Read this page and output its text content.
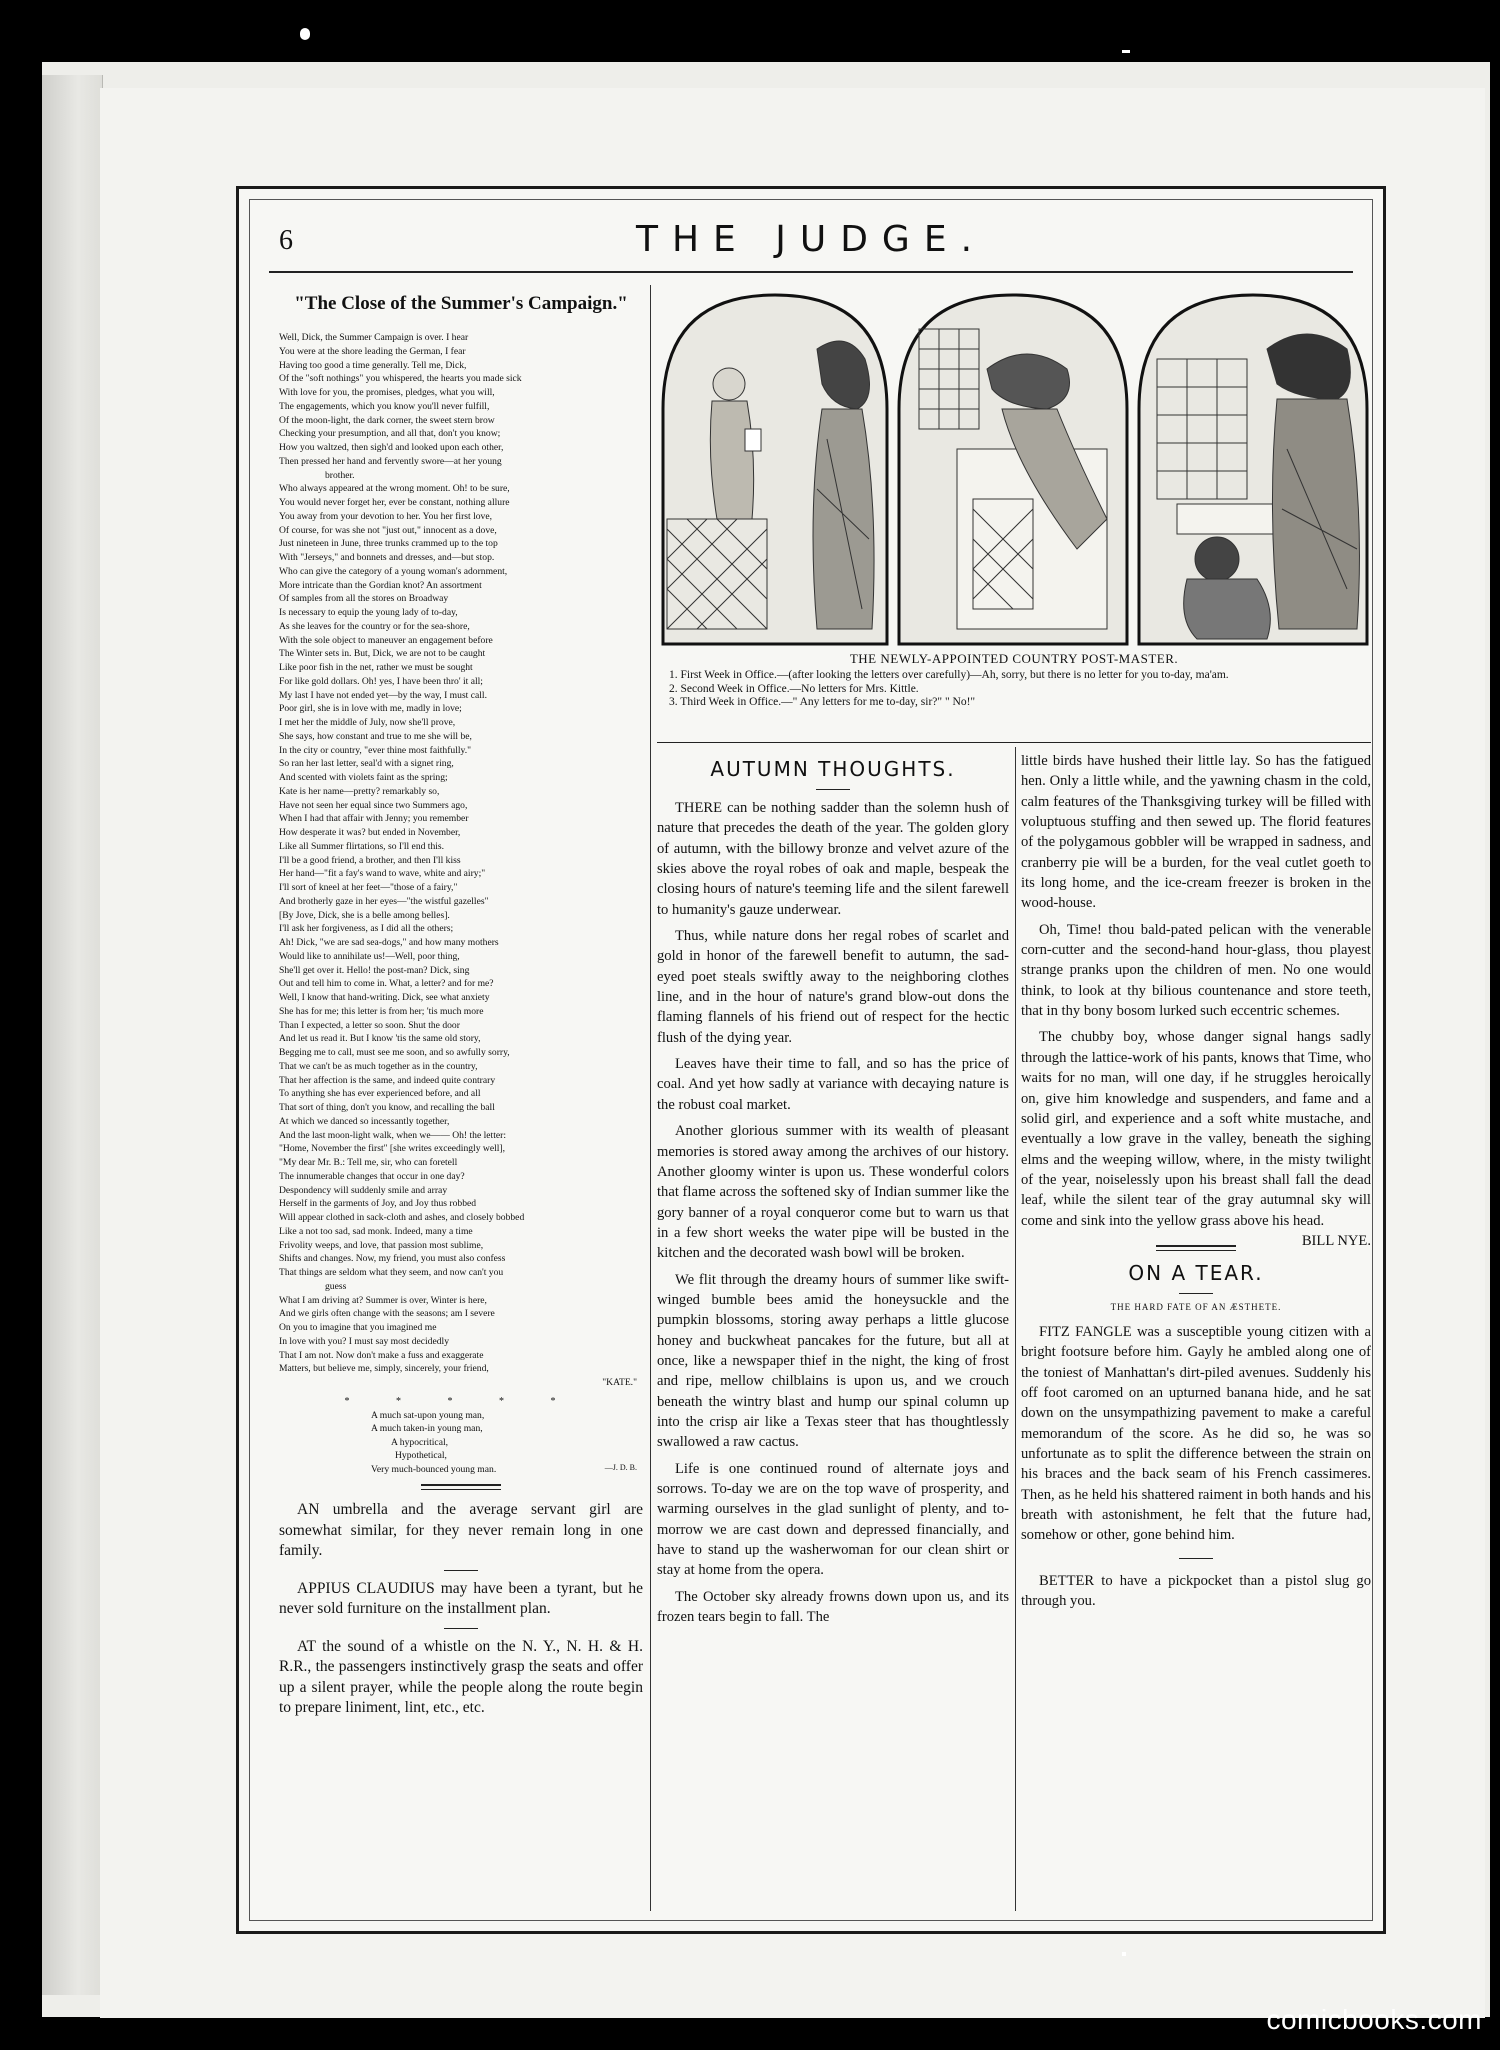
6	THE JUDGE.
"The Close of the Summer's Campaign."
Well, Dick, the Summer Campaign is over. I hear
You were at the shore leading the German, I fear
Having too good a time generally. Tell me, Dick,
Of the "soft nothings" you whispered, the hearts you made sick
With love for you, the promises, pledges, what you will,
The engagements, which you know you'll never fulfill,
Of the moon-light, the dark corner, the sweet stern brow
Checking your presumption, and all that, don't you know;
How you waltzed, then sigh'd and looked upon each other,
Then pressed her hand and fervently swore—at her young
brother.
Who always appeared at the wrong moment. Oh! to be sure,
You would never forget her, ever be constant, nothing allure
You away from your devotion to her. You her first love,
Of course, for was she not "just out," innocent as a dove,
Just nineteen in June, three trunks crammed up to the top
With "Jerseys," and bonnets and dresses, and—but stop.
Who can give the category of a young woman's adornment,
More intricate than the Gordian knot? An assortment
Of samples from all the stores on Broadway
Is necessary to equip the young lady of to-day,
As she leaves for the country or for the sea-shore,
With the sole object to maneuver an engagement before
The Winter sets in. But, Dick, we are not to be caught
Like poor fish in the net, rather we must be sought
For like gold dollars. Oh! yes, I have been thro' it all;
My last I have not ended yet—by the way, I must call.
Poor girl, she is in love with me, madly in love;
I met her the middle of July, now she'll prove,
She says, how constant and true to me she will be,
In the city or country, "ever thine most faithfully."
So ran her last letter, seal'd with a signet ring,
And scented with violets faint as the spring;
Kate is her name—pretty? remarkably so,
Have not seen her equal since two Summers ago,
When I had that affair with Jenny; you remember
How desperate it was? but ended in November,
Like all Summer flirtations, so I'll end this.
I'll be a good friend, a brother, and then I'll kiss
Her hand—"fit a fay's wand to wave, white and airy;"
I'll sort of kneel at her feet—"those of a fairy,"
And brotherly gaze in her eyes—"the wistful gazelles"
[By Jove, Dick, she is a belle among belles].
I'll ask her forgiveness, as I did all the others;
Ah! Dick, "we are sad sea-dogs," and how many mothers
Would like to annihilate us!—Well, poor thing,
She'll get over it. Hello! the post-man? Dick, sing
Out and tell him to come in. What, a letter? and for me?
Well, I know that hand-writing. Dick, see what anxiety
She has for me; this letter is from her; 'tis much more
Than I expected, a letter so soon. Shut the door
And let us read it. But I know 'tis the same old story,
Begging me to call, must see me soon, and so awfully sorry,
That we can't be as much together as in the country,
That her affection is the same, and indeed quite contrary
To anything she has ever experienced before, and all
That sort of thing, don't you know, and recalling the ball
At which we danced so incessantly together,
And the last moon-light walk, when we—— Oh! the letter:
"Home, November the first" [she writes exceedingly well],
"My dear Mr. B.: Tell me, sir, who can foretell
The innumerable changes that occur in one day?
Despondency will suddenly smile and array
Herself in the garments of Joy, and Joy thus robbed
Will appear clothed in sack-cloth and ashes, and closely bobbed
Like a not too sad, sad monk. Indeed, many a time
Frivolity weeps, and love, that passion most sublime,
Shifts and changes. Now, my friend, you must also confess
That things are seldom what they seem, and now can't you
guess
What I am driving at? Summer is over, Winter is here,
And we girls often change with the seasons; am I severe
On you to imagine that you imagined me
In love with you? I must say most decidedly
That I am not. Now don't make a fuss and exaggerate
Matters, but believe me, simply, sincerely, your friend,
"KATE."
* * * * *
A much sat-upon young man,
A much taken-in young man,
A hypocritical,
Hypothetical,
Very much-bounced young man.	—J. D. B.

AN umbrella and the average servant girl are somewhat similar, for they never remain long in one family.

APPIUS CLAUDIUS may have been a tyrant, but he never sold furniture on the installment plan.

AT the sound of a whistle on the N. Y., N. H. & H. R.R., the passengers instinctively grasp the seats and offer up a silent prayer, while the people along the route begin to prepare liniment, lint, etc., etc.

THE NEWLY-APPOINTED COUNTRY POST-MASTER.
1. First Week in Office.—(after looking the letters over carefully)—Ah, sorry, but there is no letter for you to-day, ma'am.
2. Second Week in Office.—No letters for Mrs. Kittle.
3. Third Week in Office.—" Any letters for me to-day, sir?" " No!"
AUTUMN THOUGHTS.

THERE can be nothing sadder than the solemn hush of nature that precedes the death of the year. The golden glory of autumn, with the billowy bronze and velvet azure of the skies above the royal robes of oak and maple, bespeak the closing hours of nature's teeming life and the silent farewell to humanity's gauze underwear.

Thus, while nature dons her regal robes of scarlet and gold in honor of the farewell benefit to autumn, the sad-eyed poet steals swiftly away to the neighboring clothes line, and in the hour of nature's grand blow-out dons the flaming flannels of his friend out of respect for the hectic flush of the dying year.

Leaves have their time to fall, and so has the price of coal. And yet how sadly at variance with decaying nature is the robust coal market.

Another glorious summer with its wealth of pleasant memories is stored away among the archives of our history. Another gloomy winter is upon us. These wonderful colors that flame across the softened sky of Indian summer like the gory banner of a royal conqueror come but to warn us that in a few short weeks the water pipe will be busted in the kitchen and the decorated wash bowl will be broken.

We flit through the dreamy hours of summer like swift-winged bumble bees amid the honeysuckle and the pumpkin blossoms, storing away perhaps a little glucose honey and buckwheat pancakes for the future, but all at once, like a newspaper thief in the night, the king of frost and ripe, mellow chilblains is upon us, and we crouch beneath the wintry blast and hump our spinal column up into the crisp air like a Texas steer that has thoughtlessly swallowed a raw cactus.

Life is one continued round of alternate joys and sorrows. To-day we are on the top wave of prosperity, and warming ourselves in the glad sunlight of plenty, and to-morrow we are cast down and depressed financially, and have to stand up the washerwoman for our clean shirt or stay at home from the opera.

The October sky already frowns down upon us, and its frozen tears begin to fall. The

little birds have hushed their little lay. So has the fatigued hen. Only a little while, and the yawning chasm in the cold, calm features of the Thanksgiving turkey will be filled with voluptuous stuffing and then sewed up. The florid features of the polygamous gobbler will be wrapped in sadness, and cranberry pie will be a burden, for the veal cutlet goeth to its long home, and the ice-cream freezer is broken in the wood-house.

Oh, Time! thou bald-pated pelican with the venerable corn-cutter and the second-hand hour-glass, thou playest strange pranks upon the children of men. No one would think, to look at thy bilious countenance and store teeth, that in thy bony bosom lurked such eccentric schemes.

The chubby boy, whose danger signal hangs sadly through the lattice-work of his pants, knows that Time, who waits for no man, will one day, if he struggles heroically on, give him knowledge and suspenders, and fame and a solid girl, and experience and a soft white mustache, and eventually a low grave in the valley, beneath the sighing elms and the weeping willow, where, in the misty twilight of the year, noiselessly upon his breast shall fall the dead leaf, while the silent tear of the gray autumnal sky will come and sink into the yellow grass above his head.
BILL NYE.

ON A TEAR.
THE HARD FATE OF AN ÆSTHETE.

FITZ FANGLE was a susceptible young citizen with a bright footsure before him. Gayly he ambled along one of the toniest of Manhattan's dirt-piled avenues. Suddenly his off foot caromed on an upturned banana hide, and he sat down on the unsympathizing pavement to make a careful memorandum of the score. As he did so, he was so unfortunate as to split the difference between the strain on his braces and the back seam of his French cassimeres. Then, as he held his shattered raiment in both hands and his breath with astonishment, he felt that the future had, somehow or other, gone behind him.

BETTER to have a pickpocket than a pistol slug go through you.

comicbooks.com
